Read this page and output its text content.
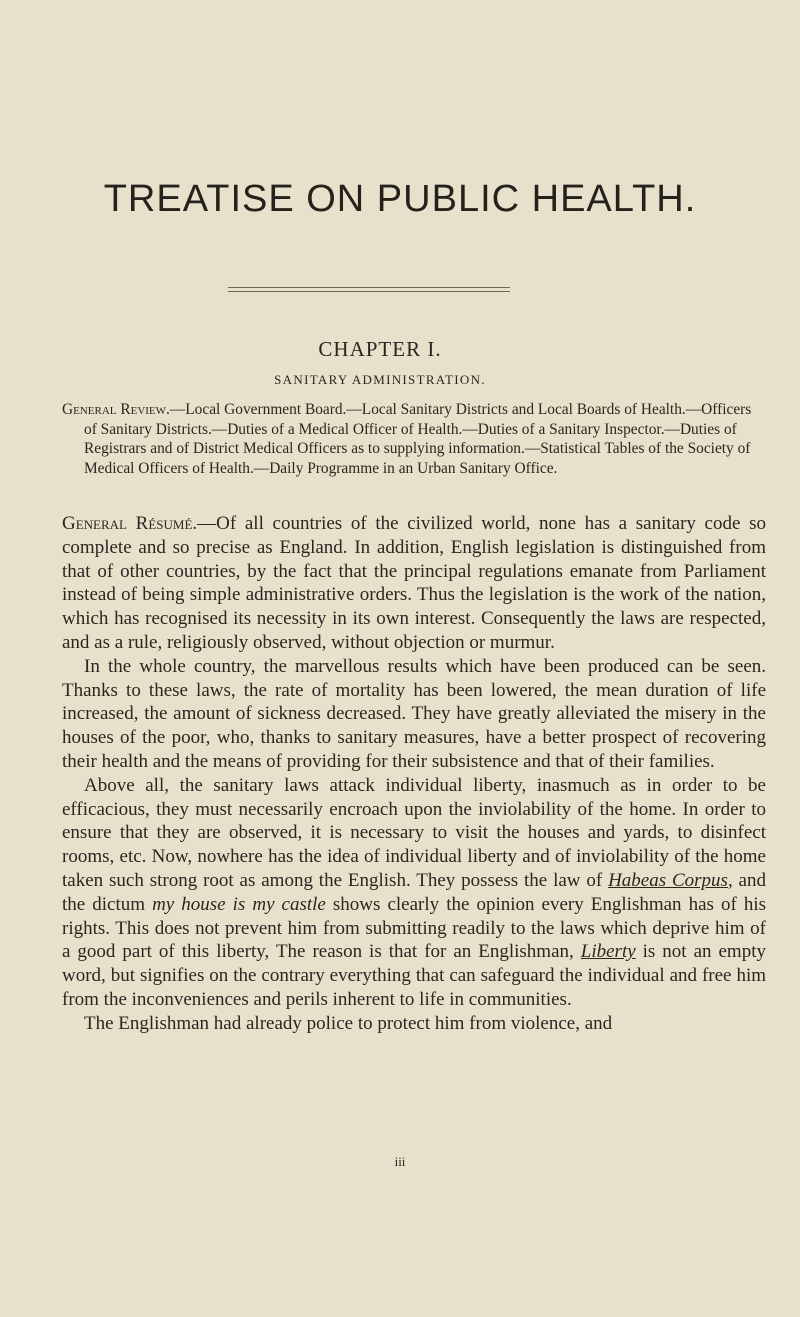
TREATISE ON PUBLIC HEALTH.
CHAPTER I.
SANITARY ADMINISTRATION.

General Review.—Local Government Board.—Local Sanitary Districts and Local Boards of Health.—Officers of Sanitary Districts.—Duties of a Medical Officer of Health.—Duties of a Sanitary Inspector.—Duties of Registrars and of District Medical Officers as to supplying information.—Statistical Tables of the Society of Medical Officers of Health.—Daily Programme in an Urban Sanitary Office.

General Résumé.—Of all countries of the civilized world, none has a sanitary code so complete and so precise as England. In addition, English legislation is distinguished from that of other countries, by the fact that the principal regulations emanate from Parliament instead of being simple administrative orders. Thus the legislation is the work of the nation, which has recognised its necessity in its own interest. Consequently the laws are respected, and as a rule, religiously observed, without objection or murmur.

In the whole country, the marvellous results which have been produced can be seen. Thanks to these laws, the rate of mortality has been lowered, the mean duration of life increased, the amount of sickness decreased. They have greatly alleviated the misery in the houses of the poor, who, thanks to sanitary measures, have a better prospect of recovering their health and the means of providing for their subsistence and that of their families.

Above all, the sanitary laws attack individual liberty, inasmuch as in order to be efficacious, they must necessarily encroach upon the inviolability of the home. In order to ensure that they are observed, it is necessary to visit the houses and yards, to disinfect rooms, etc. Now, nowhere has the idea of individual liberty and of inviolability of the home taken such strong root as among the English. They possess the law of Habeas Corpus, and the dictum my house is my castle shows clearly the opinion every Englishman has of his rights. This does not prevent him from submitting readily to the laws which deprive him of a good part of this liberty, The reason is that for an Englishman, Liberty is not an empty word, but signifies on the contrary everything that can safeguard the individual and free him from the inconveniences and perils inherent to life in communities.

The Englishman had already police to protect him from violence, and

iii
